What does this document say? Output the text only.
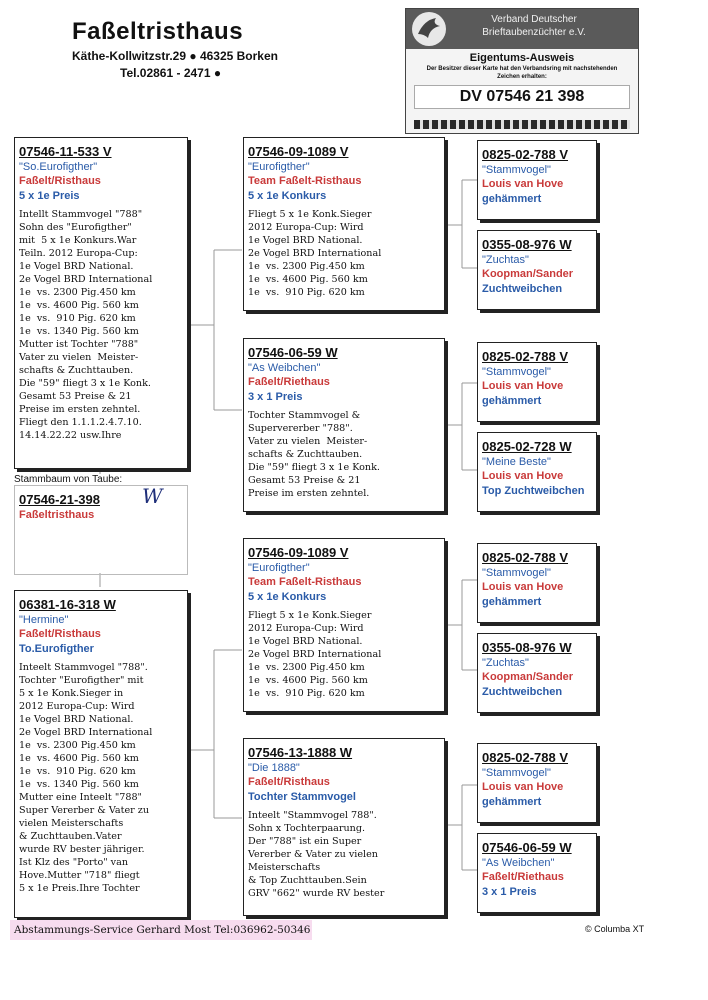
Faßeltristhaus
Käthe-Kollwitzstr.29 ● 46325 Borken
Tel.02861 - 2471 ●
Verband Deutscher Brieftaubenzüchter e.V.
Eigentums-Ausweis
Der Besitzer dieser Karte hat den Verbandsring mit nachstehenden Zeichen erhalten:
DV 07546 21 398
07546-11-533 V
"So.Eurofigther"
Faßelt/Risthaus
5 x 1e Preis
Intellt Stammvogel "788"
Sohn des "Eurofigther"
mit  5 x 1e Konkurs.War
Teiln. 2012 Europa-Cup:
1e Vogel BRD National.
2e Vogel BRD International
1e  vs. 2300 Pig.450 km
1e  vs. 4600 Pig. 560 km
1e  vs.  910 Pig. 620 km
1e  vs. 1340 Pig. 560 km
Mutter ist Tochter "788"
Vater zu vielen  Meister-
schafts & Zuchttauben.
Die "59" fliegt 3 x 1e Konk.
Gesamt 53 Preise & 21
Preise im ersten zehntel.
Fliegt den 1.1.1.2.4.7.10.
14.14.22.22 usw.Ihre
Stammbaum von Taube:
07546-21-398
Faßeltristhaus
W
06381-16-318 W
"Hermine"
Faßelt/Risthaus
To.Eurofigther
Inteelt Stammvogel "788".
Tochter "Eurofigther" mit
5 x 1e Konk.Sieger in
2012 Europa-Cup: Wird
1e Vogel BRD National.
2e Vogel BRD International
1e  vs. 2300 Pig.450 km
1e  vs. 4600 Pig. 560 km
1e  vs.  910 Pig. 620 km
1e  vs. 1340 Pig. 560 km
Mutter eine Inteelt "788"
Super Vererber & Vater zu
vielen Meisterschafts
& Zuchttauben.Vater
wurde RV bester jähriger.
Ist Klz des "Porto" van
Hove.Mutter "718" fliegt
5 x 1e Preis.Ihre Tochter
07546-09-1089 V
"Eurofigther"
Team Faßelt-Risthaus
5 x 1e Konkurs
Fliegt 5 x 1e Konk.Sieger
2012 Europa-Cup: Wird
1e Vogel BRD National.
2e Vogel BRD International
1e  vs. 2300 Pig.450 km
1e  vs. 4600 Pig. 560 km
1e  vs.  910 Pig. 620 km
07546-06-59 W
"As Weibchen"
Faßelt/Riethaus
3 x 1 Preis
Tochter Stammvogel &
Supervererber "788".
Vater zu vielen  Meister-
schafts & Zuchttauben.
Die "59" fliegt 3 x 1e Konk.
Gesamt 53 Preise & 21
Preise im ersten zehntel.
07546-09-1089 V
"Eurofigther"
Team Faßelt-Risthaus
5 x 1e Konkurs
Fliegt 5 x 1e Konk.Sieger
2012 Europa-Cup: Wird
1e Vogel BRD National.
2e Vogel BRD International
1e  vs. 2300 Pig.450 km
1e  vs. 4600 Pig. 560 km
1e  vs.  910 Pig. 620 km
07546-13-1888 W
"Die 1888"
Faßelt/Risthaus
Tochter Stammvogel
Inteelt "Stammvogel 788".
Sohn x Tochterpaarung.
Der "788" ist ein Super
Vererber & Vater zu vielen
Meisterschafts
& Top Zuchttauben.Sein
GRV "662" wurde RV bester
0825-02-788 V
"Stammvogel"
Louis van Hove
gehämmert
0355-08-976 W
"Zuchtas"
Koopman/Sander
Zuchtweibchen
0825-02-788 V
"Stammvogel"
Louis van Hove
gehämmert
0825-02-728 W
"Meine Beste"
Louis van Hove
Top Zuchtweibchen
0825-02-788 V
"Stammvogel"
Louis van Hove
gehämmert
0355-08-976 W
"Zuchtas"
Koopman/Sander
Zuchtweibchen
0825-02-788 V
"Stammvogel"
Louis van Hove
gehämmert
07546-06-59 W
"As Weibchen"
Faßelt/Riethaus
3 x 1 Preis
Abstammungs-Service Gerhard Most Tel:036962-50346	© Columba XT
